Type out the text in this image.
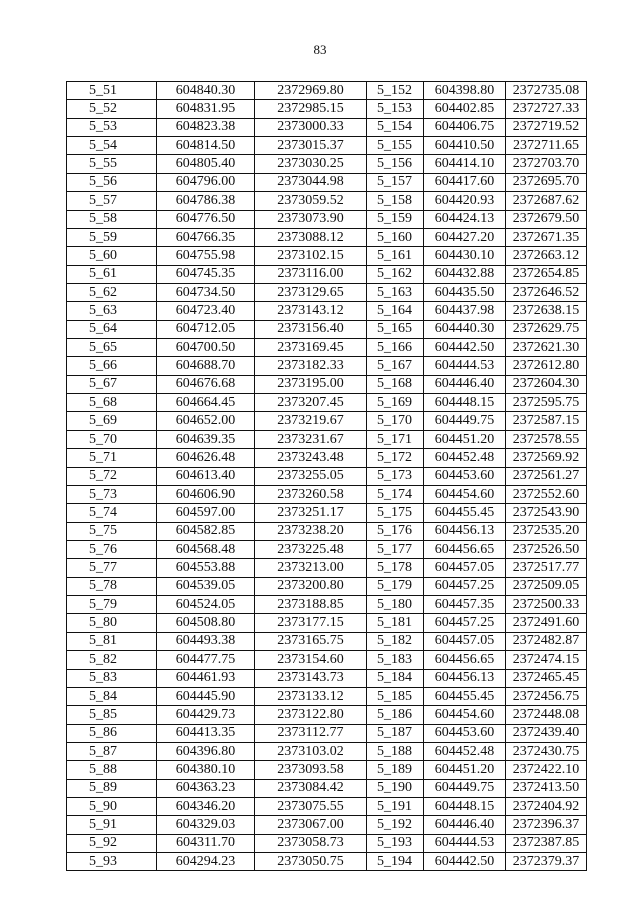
83
5_51	604840.30	2372969.80	5_152	604398.80	2372735.08
5_52	604831.95	2372985.15	5_153	604402.85	2372727.33
5_53	604823.38	2373000.33	5_154	604406.75	2372719.52
5_54	604814.50	2373015.37	5_155	604410.50	2372711.65
5_55	604805.40	2373030.25	5_156	604414.10	2372703.70
5_56	604796.00	2373044.98	5_157	604417.60	2372695.70
5_57	604786.38	2373059.52	5_158	604420.93	2372687.62
5_58	604776.50	2373073.90	5_159	604424.13	2372679.50
5_59	604766.35	2373088.12	5_160	604427.20	2372671.35
5_60	604755.98	2373102.15	5_161	604430.10	2372663.12
5_61	604745.35	2373116.00	5_162	604432.88	2372654.85
5_62	604734.50	2373129.65	5_163	604435.50	2372646.52
5_63	604723.40	2373143.12	5_164	604437.98	2372638.15
5_64	604712.05	2373156.40	5_165	604440.30	2372629.75
5_65	604700.50	2373169.45	5_166	604442.50	2372621.30
5_66	604688.70	2373182.33	5_167	604444.53	2372612.80
5_67	604676.68	2373195.00	5_168	604446.40	2372604.30
5_68	604664.45	2373207.45	5_169	604448.15	2372595.75
5_69	604652.00	2373219.67	5_170	604449.75	2372587.15
5_70	604639.35	2373231.67	5_171	604451.20	2372578.55
5_71	604626.48	2373243.48	5_172	604452.48	2372569.92
5_72	604613.40	2373255.05	5_173	604453.60	2372561.27
5_73	604606.90	2373260.58	5_174	604454.60	2372552.60
5_74	604597.00	2373251.17	5_175	604455.45	2372543.90
5_75	604582.85	2373238.20	5_176	604456.13	2372535.20
5_76	604568.48	2373225.48	5_177	604456.65	2372526.50
5_77	604553.88	2373213.00	5_178	604457.05	2372517.77
5_78	604539.05	2373200.80	5_179	604457.25	2372509.05
5_79	604524.05	2373188.85	5_180	604457.35	2372500.33
5_80	604508.80	2373177.15	5_181	604457.25	2372491.60
5_81	604493.38	2373165.75	5_182	604457.05	2372482.87
5_82	604477.75	2373154.60	5_183	604456.65	2372474.15
5_83	604461.93	2373143.73	5_184	604456.13	2372465.45
5_84	604445.90	2373133.12	5_185	604455.45	2372456.75
5_85	604429.73	2373122.80	5_186	604454.60	2372448.08
5_86	604413.35	2373112.77	5_187	604453.60	2372439.40
5_87	604396.80	2373103.02	5_188	604452.48	2372430.75
5_88	604380.10	2373093.58	5_189	604451.20	2372422.10
5_89	604363.23	2373084.42	5_190	604449.75	2372413.50
5_90	604346.20	2373075.55	5_191	604448.15	2372404.92
5_91	604329.03	2373067.00	5_192	604446.40	2372396.37
5_92	604311.70	2373058.73	5_193	604444.53	2372387.85
5_93	604294.23	2373050.75	5_194	604442.50	2372379.37
